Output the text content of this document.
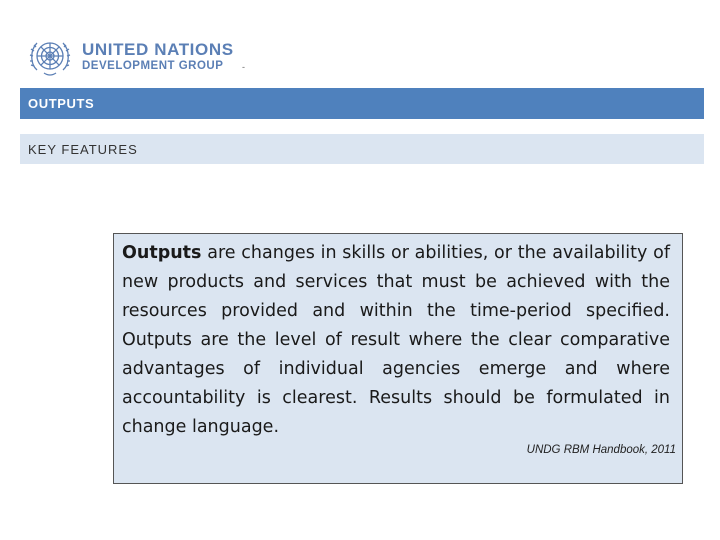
UNITED NATIONS
DEVELOPMENT GROUP	-
OUTPUTS
KEY FEATURES

Outputs are changes in skills or abilities, or the availability of new products and services that must be achieved with the resources provided and within the time-period specified. Outputs are the level of result where the clear comparative advantages of individual agencies emerge and where accountability is clearest. Results should be formulated in change language.

UNDG RBM Handbook, 2011
